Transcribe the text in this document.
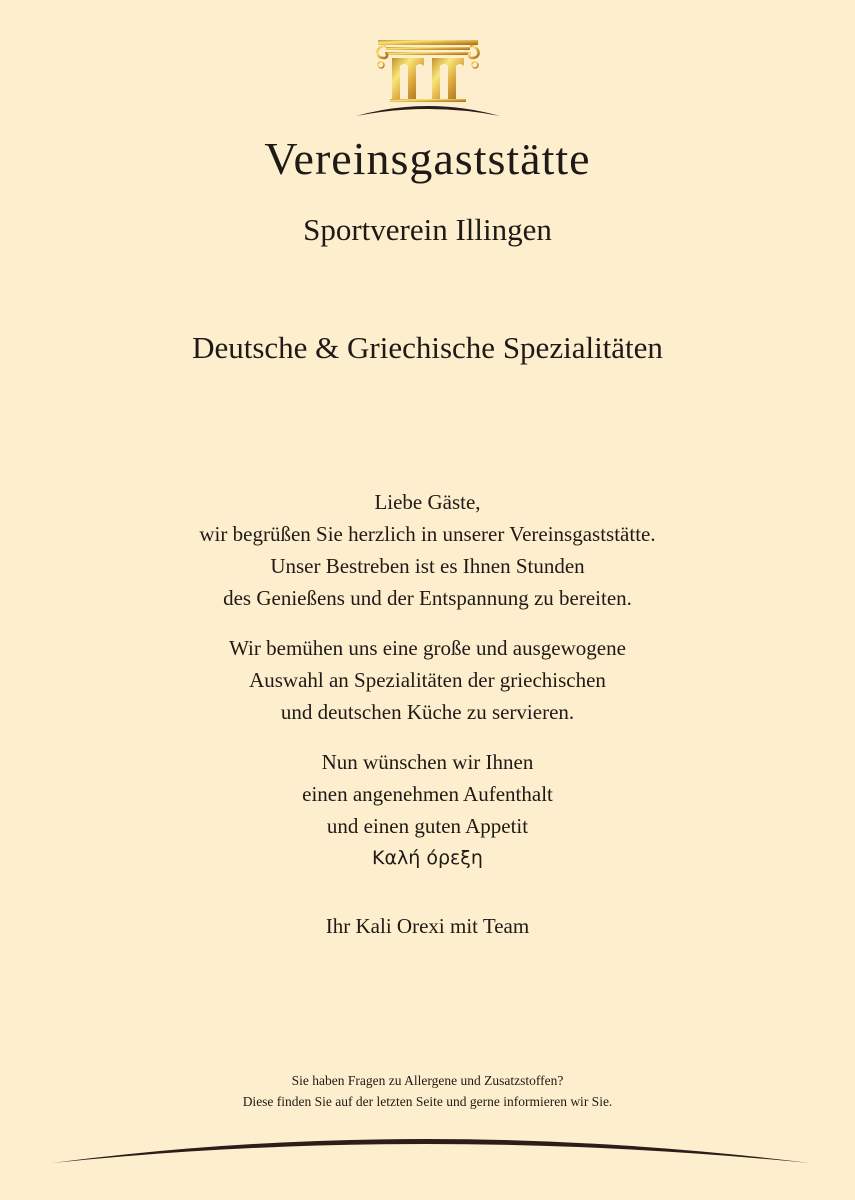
Vereinsgaststätte
Sportverein Illingen
Deutsche & Griechische Spezialitäten

Liebe Gäste,

wir begrüßen Sie herzlich in unserer Vereinsgaststätte.

Unser Bestreben ist es Ihnen Stunden

des Genießens und der Entspannung zu bereiten.

Wir bemühen uns eine große und ausgewogene

Auswahl an Spezialitäten der griechischen

und deutschen Küche zu servieren.

Nun wünschen wir Ihnen

einen angenehmen Aufenthalt

und einen guten Appetit

Καλή όρεξη

Ihr Kali Orexi mit Team

Sie haben Fragen zu Allergene und Zusatzstoffen?

Diese finden Sie auf der letzten Seite und gerne informieren wir Sie.
